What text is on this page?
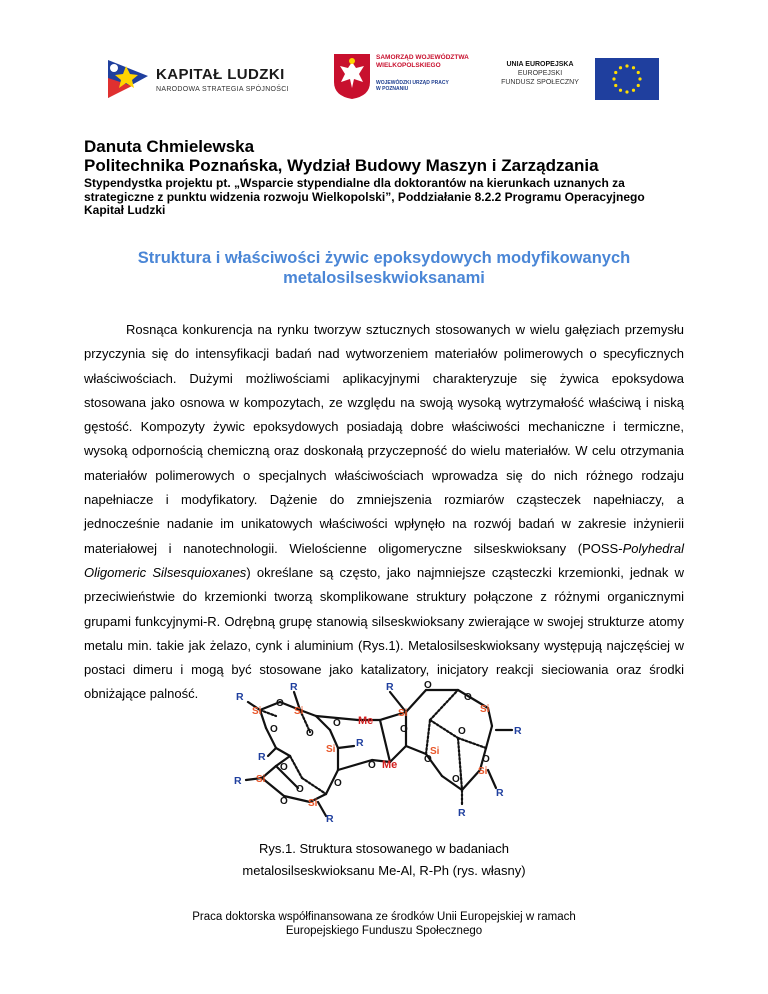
KAPITAŁ LUDZKI
NARODOWA STRATEGIA SPÓJNOŚCI
SAMORZĄD WOJEWÓDZTWA
WIELKOPOLSKIEGO
WOJEWÓDZKI URZĄD PRACY
W POZNANIU
UNIA EUROPEJSKA
EUROPEJSKI
FUNDUSZ SPOŁECZNY
Danuta Chmielewska
Politechnika Poznańska, Wydział Budowy Maszyn i Zarządzania
Stypendystka projektu pt. „Wsparcie stypendialne dla doktorantów na kierunkach uznanych za strategiczne z punktu widzenia rozwoju Wielkopolski”, Poddziałanie 8.2.2 Programu Operacyjnego Kapitał Ludzki
Struktura i właściwości żywic epoksydowych modyfikowanych metalosilseskwioksanami

Rosnąca konkurencja na rynku tworzyw sztucznych stosowanych w wielu gałęziach przemysłu przyczynia się do intensyfikacji badań nad wytworzeniem materiałów polimerowych o specyficznych właściwościach. Dużymi możliwościami aplikacyjnymi charakteryzuje się żywica epoksydowa stosowana jako osnowa w kompozytach, ze względu na swoją wysoką wytrzymałość właściwą i niską gęstość. Kompozyty żywic epoksydowych posiadają dobre właściwości mechaniczne i termiczne, wysoką odpornością chemiczną oraz doskonałą przyczepność do wielu materiałów. W celu otrzymania materiałów polimerowych o specjalnych właściwościach wprowadza się do nich różnego rodzaju napełniacze i modyfikatory. Dążenie do zmniejszenia rozmiarów cząsteczek napełniaczy, a jednocześnie nadanie im unikatowych właściwości wpłynęło na rozwój badań w zakresie inżynierii materiałowej i nanotechnologii. Wielościenne oligomeryczne silseskwioksany (POSS-Polyhedral Oligomeric Silsesquioxanes) określane są często, jako najmniejsze cząsteczki krzemionki, jednak w przeciwieństwie do krzemionki tworzą skomplikowane struktury połączone z różnymi organicznymi grupami funkcyjnymi-R. Odrębną grupę stanowią silseskwioksany zwierające w swojej strukturze atomy metalu min. takie jak żelazo, cynk i aluminium (Rys.1). Metalosilseskwioksany występują najczęściej w postaci dimeru i mogą być stosowane jako katalizatory, inicjatory reakcji sieciowania oraz środki obniżające palność.

O
O
O
O
O
O
O
O
O
O
O
O	O
O	O
O
Si	Si
Si
Si
Si
Si	Si
Si
Si
Me
Me
R
R
R
R
R
R
R
R
R
R
Rys.1. Struktura stosowanego w badaniach
metalosilseskwioksanu Me-Al, R-Ph (rys. własny)
Praca doktorska współfinansowana ze środków Unii Europejskiej w ramach
Europejskiego Funduszu Społecznego
